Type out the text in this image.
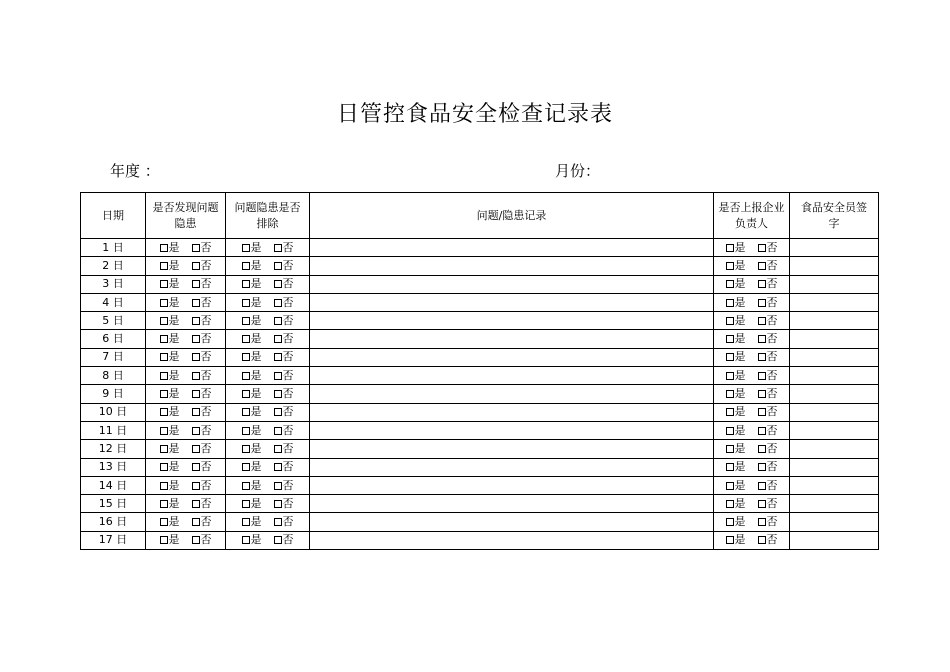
日管控食品安全检查记录表
年度 ：	月份：
日期	是否发现问题隐患	问题隐患是否排除	问题/隐患记录	是否上报企业负责人	食品安全员签字
1 日	是 否	是 否		是 否	
2 日	是 否	是 否		是 否	
3 日	是 否	是 否		是 否	
4 日	是 否	是 否		是 否	
5 日	是 否	是 否		是 否	
6 日	是 否	是 否		是 否	
7 日	是 否	是 否		是 否	
8 日	是 否	是 否		是 否	
9 日	是 否	是 否		是 否	
10 日	是 否	是 否		是 否	
11 日	是 否	是 否		是 否	
12 日	是 否	是 否		是 否	
13 日	是 否	是 否		是 否	
14 日	是 否	是 否		是 否	
15 日	是 否	是 否		是 否	
16 日	是 否	是 否		是 否	
17 日	是 否	是 否		是 否	
